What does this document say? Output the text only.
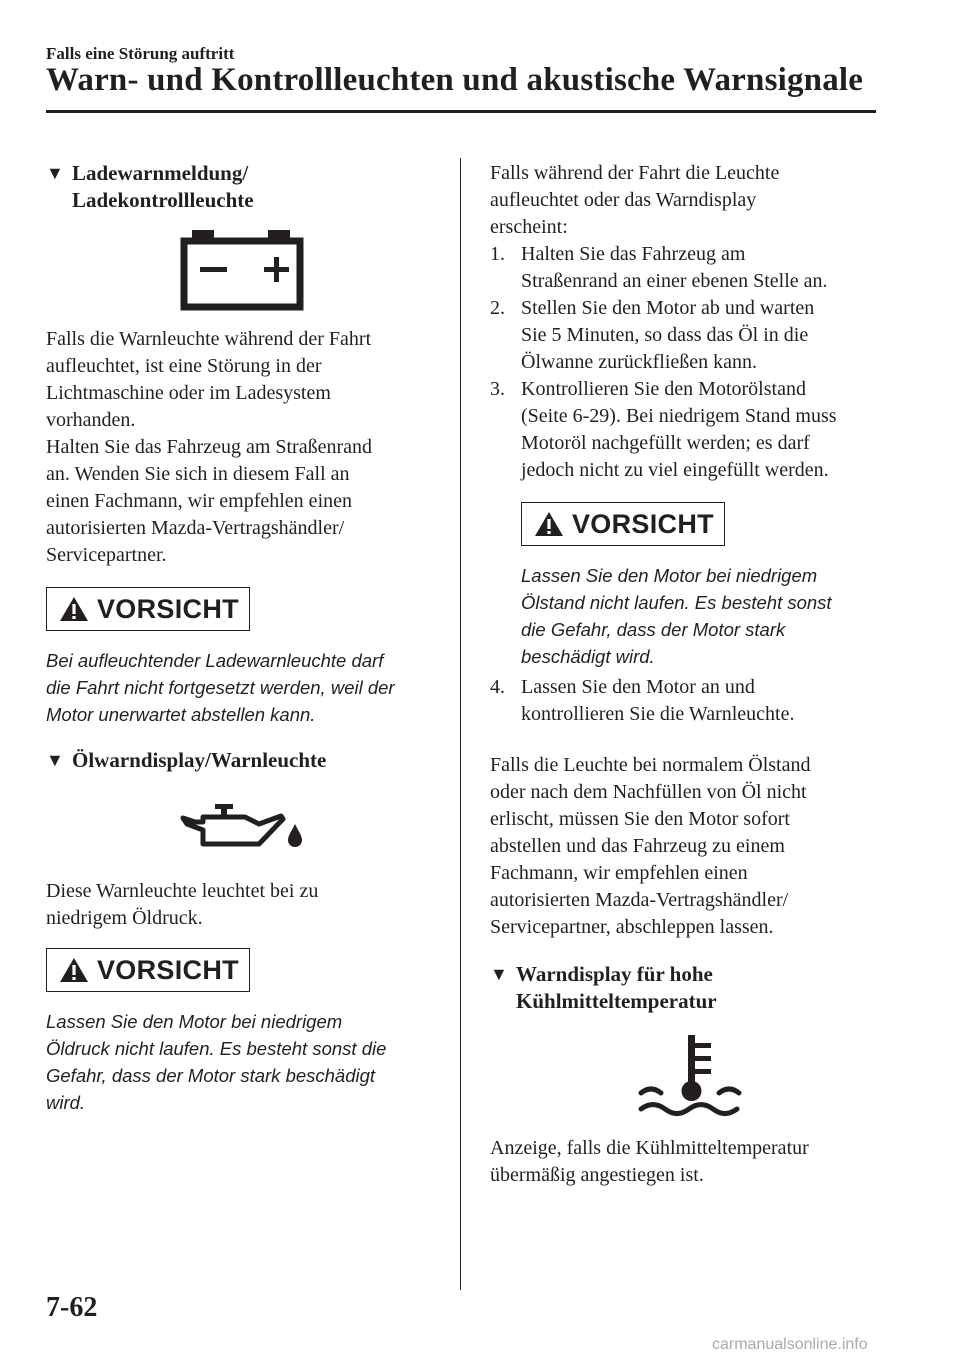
Falls eine Störung auftritt
Warn- und Kontrollleuchten und akustische Warnsignale
▼ Ladewarnmeldung/
Ladekontrollleuchte

Falls die Warnleuchte während der Fahrt

aufleuchtet, ist eine Störung in der

Lichtmaschine oder im Ladesystem

vorhanden.

Halten Sie das Fahrzeug am Straßenrand

an. Wenden Sie sich in diesem Fall an

einen Fachmann, wir empfehlen einen

autorisierten Mazda-Vertragshändler/

Servicepartner.

VORSICHT

Bei aufleuchtender Ladewarnleuchte darf

die Fahrt nicht fortgesetzt werden, weil der

Motor unerwartet abstellen kann.

▼ Ölwarndisplay/Warnleuchte

Diese Warnleuchte leuchtet bei zu

niedrigem Öldruck.

VORSICHT

Lassen Sie den Motor bei niedrigem

Öldruck nicht laufen. Es besteht sonst die

Gefahr, dass der Motor stark beschädigt

wird.

Falls während der Fahrt die Leuchte

aufleuchtet oder das Warndisplay

erscheint:

1. Halten Sie das Fahrzeug am
Straßenrand an einer ebenen Stelle an.
2. Stellen Sie den Motor ab und warten
Sie 5 Minuten, so dass das Öl in die
Ölwanne zurückfließen kann.
3. Kontrollieren Sie den Motorölstand
(Seite 6-29). Bei niedrigem Stand muss
Motoröl nachgefüllt werden; es darf
jedoch nicht zu viel eingefüllt werden.
VORSICHT

Lassen Sie den Motor bei niedrigem

Ölstand nicht laufen. Es besteht sonst

die Gefahr, dass der Motor stark

beschädigt wird.

4. Lassen Sie den Motor an und
kontrollieren Sie die Warnleuchte.

Falls die Leuchte bei normalem Ölstand

oder nach dem Nachfüllen von Öl nicht

erlischt, müssen Sie den Motor sofort

abstellen und das Fahrzeug zu einem

Fachmann, wir empfehlen einen

autorisierten Mazda-Vertragshändler/

Servicepartner, abschleppen lassen.

▼ Warndisplay für hohe
Kühlmitteltemperatur

Anzeige, falls die Kühlmitteltemperatur

übermäßig angestiegen ist.

7-62
carmanualsonline.info
